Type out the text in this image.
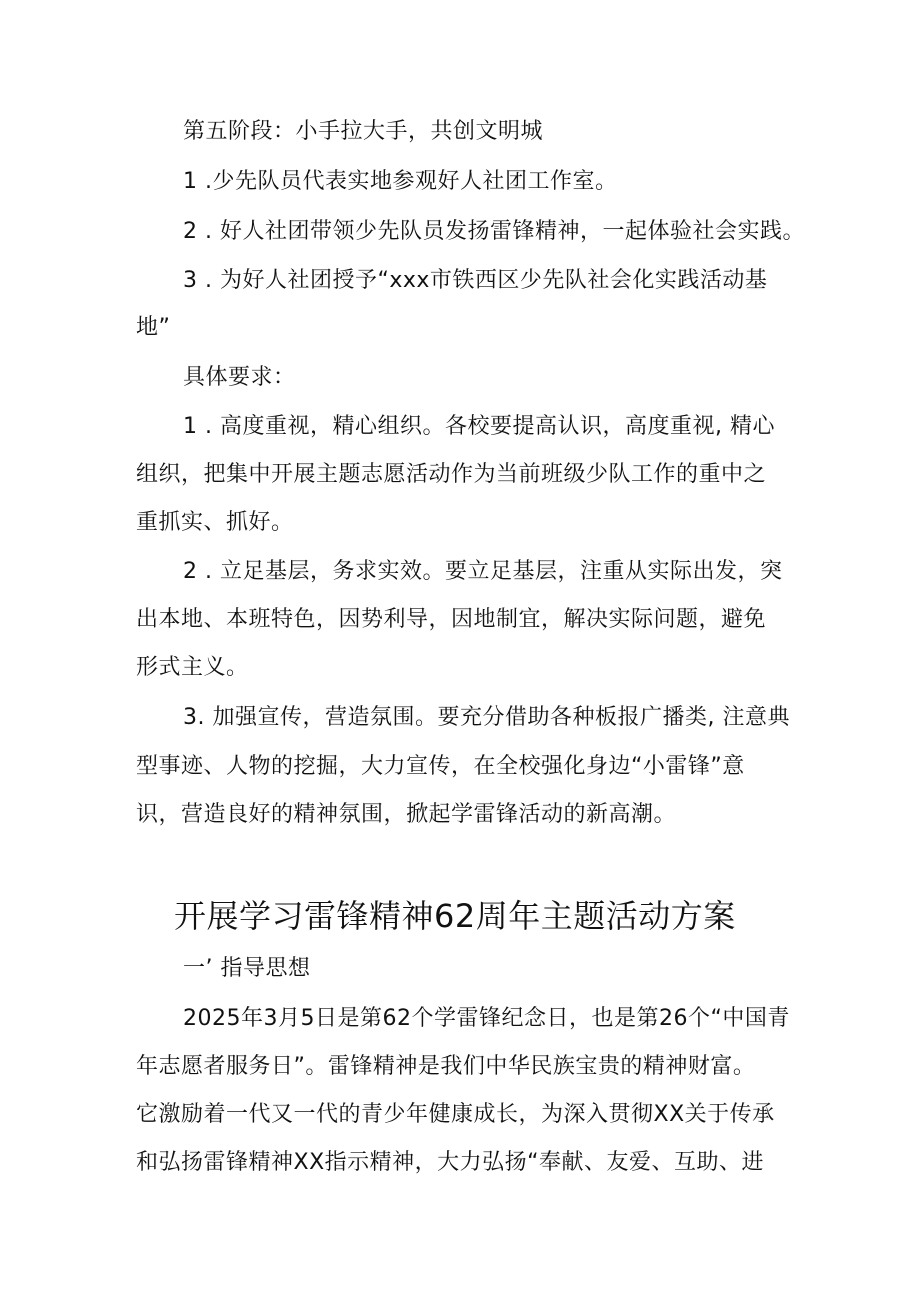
第五阶段：小手拉大手，共创文明城
1 .少先队员代表实地参观好人社团工作室。
2 . 好人社团带领少先队员发扬雷锋精神，一起体验社会实践。
3 . 为好人社团授予“xxx市铁西区少先队社会化实践活动基
地”
具体要求：
1 . 高度重视，精心组织。各校要提高认识，高度重视, 精心
组织，把集中开展主题志愿活动作为当前班级少队工作的重中之
重抓实、抓好。
2 . 立足基层，务求实效。要立足基层，注重从实际出发，突
出本地、本班特色，因势利导，因地制宜，解决实际问题，避免
形式主义。
3. 加强宣传，营造氛围。要充分借助各种板报广播类, 注意典
型事迹、人物的挖掘，大力宣传，在全校强化身边“小雷锋”意
识，营造良好的精神氛围，掀起学雷锋活动的新高潮。
开展学习雷锋精神62周年主题活动方案
一’ 指导思想
2025年3月5日是第62个学雷锋纪念日，也是第26个“中国青
年志愿者服务日”。雷锋精神是我们中华民族宝贵的精神财富。
它激励着一代又一代的青少年健康成长，为深入贯彻XX关于传承
和弘扬雷锋精神XX指示精神，大力弘扬“奉献、友爱、互助、进
